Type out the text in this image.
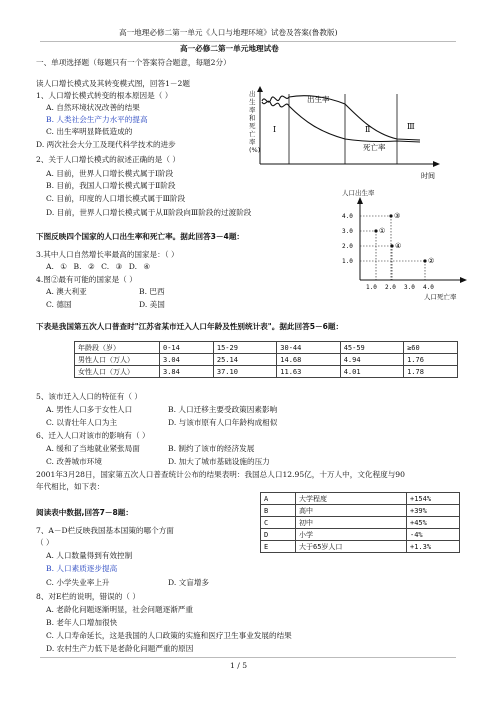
高一地理必修二第一单元《人口与地理环境》试卷及答案(鲁教版)
高一必修二第一单元地理试卷
一、单项选择题（每题只有一个答案符合题意，每题2分）
读人口增长模式及其转变模式图，回答1－2题
1、人口增长模式转变的根本原因是（ ）
A. 自然环境状况改善的结果
B. 人类社会生产力水平的提高
C. 出生率明显降低造成的
D. 两次社会大分工及现代科学技术的进步
2、关于人口增长模式的叙述正确的是（ ）
A. 目前，世界人口增长模式属于Ⅰ阶段
B. 目前，我国人口增长模式属于Ⅱ阶段
C. 目前，印度的人口增长模式属于Ⅲ阶段
D. 目前，世界人口增长模式属于从Ⅱ阶段向Ⅲ阶段的过渡阶段
出生率
死亡率
Ⅰ	Ⅱ	Ⅲ
时间
出生率和死亡率(%)
下图反映四个国家的人口出生率和死亡率。据此回答3－4题：
3.其中人口自然增长率最高的国家是：（ ）
A. ① B. ② C. ③ D. ④
4.图②最有可能的国家是（ ）
A. 澳大利亚	B. 巴西
C. 德国	D. 美国
人口出生率
4.0
3.0
2.0
1.0
1.0 2.0 3.0 4.0
③
①
④
②
人口死亡率
下表是我国第五次人口普查时"江苏省某市迁入人口年龄及性别统计表"。据此回答5－6题：
年龄段（岁）	0-14	15-29	30-44	45-59	≥60
男性人口（万人）	3.04	25.14	14.68	4.94	1.76
女性人口（万人）	3.84	37.10	11.63	4.01	1.78
5、该市迁入人口的特征有（ ）
A. 男性人口多于女性人口	B. 人口迁移主要受政策因素影响
C. 以青壮年人口为主	D. 与该市原有人口年龄构成相似
6、迁入人口对该市的影响有（ ）
A. 缓和了当地就业紧张局面	B. 制约了该市的经济发展
C. 改善城市环境	D. 加大了城市基础设施的压力
2001年3月28日，国家第五次人口普查统计公布的结果表明：我国总人口12.95亿，十万人中，文化程度与90
年代相比，如下表：
A	大学程度	+154%
B	高中	+39%
C	初中	+45%
D	小学	-4%
E	大于65岁人口	+1.3%
阅读表中数据,回答7－8题：
7、A－D栏反映我国基本国策的哪个方面
（ ）
A. 人口数量得到有效控制
B. 人口素质逐步提高
C. 小学失业率上升	D. 文盲增多
8、对E栏的说明，错误的（ ）
A. 老龄化问题逐渐明显，社会问题逐渐严重
B. 老年人口增加很快
C. 人口寿命延长，这是我国的人口政策的实施和医疗卫生事业发展的结果
D. 农村生产力低下是老龄化问题严重的原因
1 / 5
